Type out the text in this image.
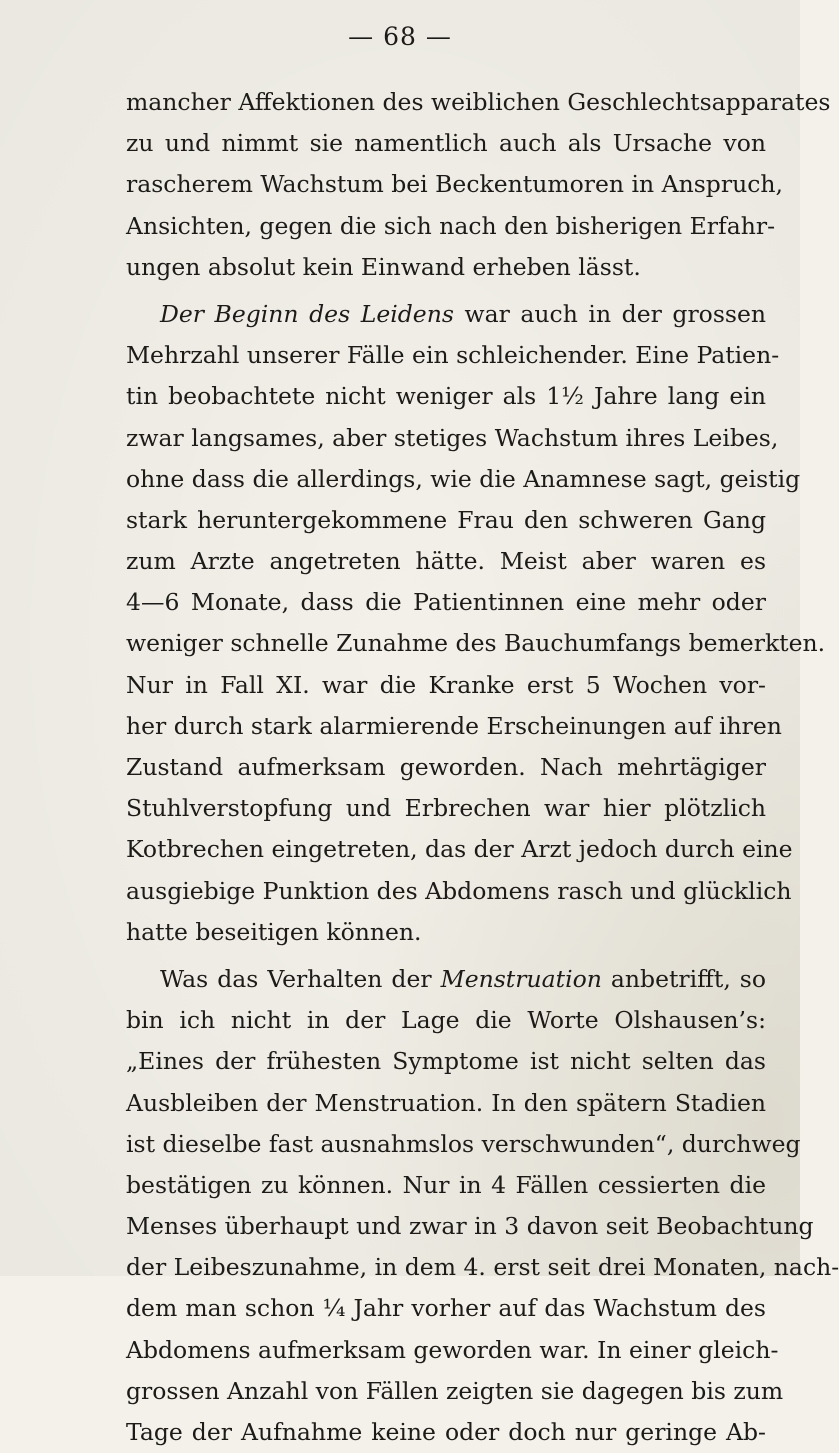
— 68 —
mancher Affektionen des weiblichen Geschlechtsapparates
zu und nimmt sie namentlich auch als Ursache von
rascherem Wachstum bei Beckentumoren in Anspruch,
Ansichten, gegen die sich nach den bisherigen Erfahr-
ungen absolut kein Einwand erheben lässt.
Der Beginn des Leidens war auch in der grossen
Mehrzahl unserer Fälle ein schleichender. Eine Patien-
tin beobachtete nicht weniger als 1½ Jahre lang ein
zwar langsames, aber stetiges Wachstum ihres Leibes,
ohne dass die allerdings, wie die Anamnese sagt, geistig
stark heruntergekommene Frau den schweren Gang
zum Arzte angetreten hätte. Meist aber waren es
4—6 Monate, dass die Patientinnen eine mehr oder
weniger schnelle Zunahme des Bauchumfangs bemerkten.
Nur in Fall XI. war die Kranke erst 5 Wochen vor-
her durch stark alarmierende Erscheinungen auf ihren
Zustand aufmerksam geworden. Nach mehrtägiger
Stuhlverstopfung und Erbrechen war hier plötzlich
Kotbrechen eingetreten, das der Arzt jedoch durch eine
ausgiebige Punktion des Abdomens rasch und glücklich
hatte beseitigen können.
Was das Verhalten der Menstruation anbetrifft, so
bin ich nicht in der Lage die Worte Olshausen’s:
„Eines der frühesten Symptome ist nicht selten das
Ausbleiben der Menstruation. In den spätern Stadien
ist dieselbe fast ausnahmslos verschwunden“, durchweg
bestätigen zu können. Nur in 4 Fällen cessierten die
Menses überhaupt und zwar in 3 davon seit Beobachtung
der Leibeszunahme, in dem 4. erst seit drei Monaten, nach-
dem man schon ¼ Jahr vorher auf das Wachstum des
Abdomens aufmerksam geworden war. In einer gleich-
grossen Anzahl von Fällen zeigten sie dagegen bis zum
Tage der Aufnahme keine oder doch nur geringe Ab-
